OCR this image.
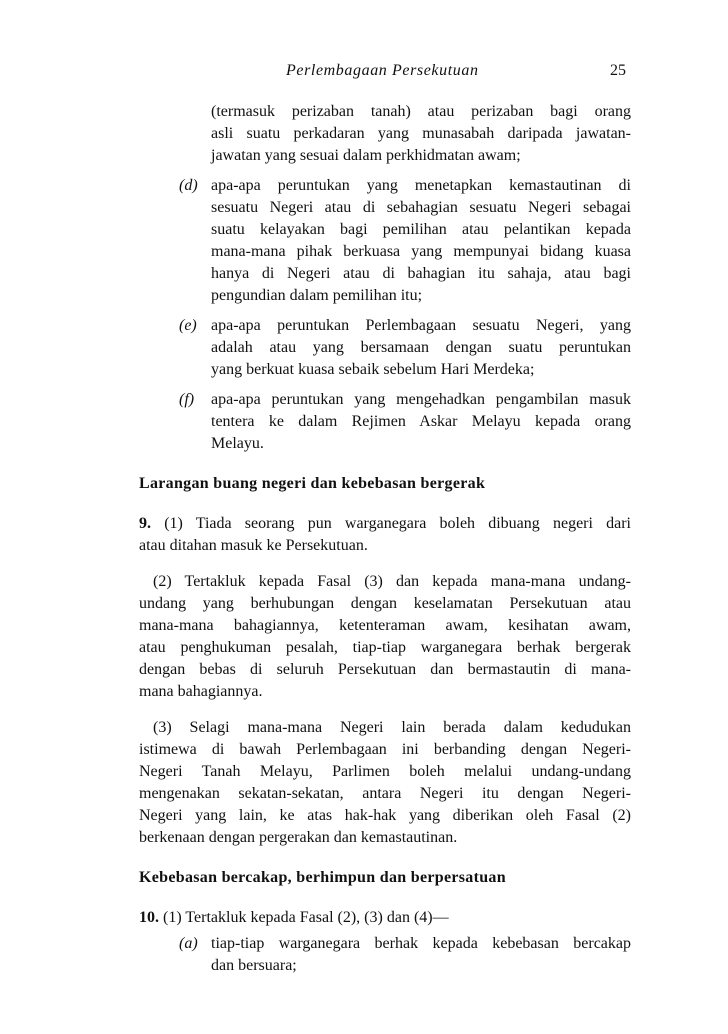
Perlembagaan Persekutuan	25
(termasuk perizaban tanah) atau perizaban bagi orang
asli suatu perkadaran yang munasabah daripada jawatan-
jawatan yang sesuai dalam perkhidmatan awam;
(d) apa-apa peruntukan yang menetapkan kemastautinan di
sesuatu Negeri atau di sebahagian sesuatu Negeri sebagai
suatu kelayakan bagi pemilihan atau pelantikan kepada
mana-mana pihak berkuasa yang mempunyai bidang kuasa
hanya di Negeri atau di bahagian itu sahaja, atau bagi
pengundian dalam pemilihan itu;
(e) apa-apa peruntukan Perlembagaan sesuatu Negeri, yang
adalah atau yang bersamaan dengan suatu peruntukan
yang berkuat kuasa sebaik sebelum Hari Merdeka;
(f) apa-apa peruntukan yang mengehadkan pengambilan masuk
tentera ke dalam Rejimen Askar Melayu kepada orang
Melayu.

Larangan buang negeri dan kebebasan bergerak

9. (1) Tiada seorang pun warganegara boleh dibuang negeri dari
atau ditahan masuk ke Persekutuan.
(2) Tertakluk kepada Fasal (3) dan kepada mana-mana undang-
undang yang berhubungan dengan keselamatan Persekutuan atau
mana-mana bahagiannya, ketenteraman awam, kesihatan awam,
atau penghukuman pesalah, tiap-tiap warganegara berhak bergerak
dengan bebas di seluruh Persekutuan dan bermastautin di mana-
mana bahagiannya.
(3) Selagi mana-mana Negeri lain berada dalam kedudukan
istimewa di bawah Perlembagaan ini berbanding dengan Negeri-
Negeri Tanah Melayu, Parlimen boleh melalui undang-undang
mengenakan sekatan-sekatan, antara Negeri itu dengan Negeri-
Negeri yang lain, ke atas hak-hak yang diberikan oleh Fasal (2)
berkenaan dengan pergerakan dan kemastautinan.

Kebebasan bercakap, berhimpun dan berpersatuan

10. (1) Tertakluk kepada Fasal (2), (3) dan (4)—
(a) tiap-tiap warganegara berhak kepada kebebasan bercakap
dan bersuara;
